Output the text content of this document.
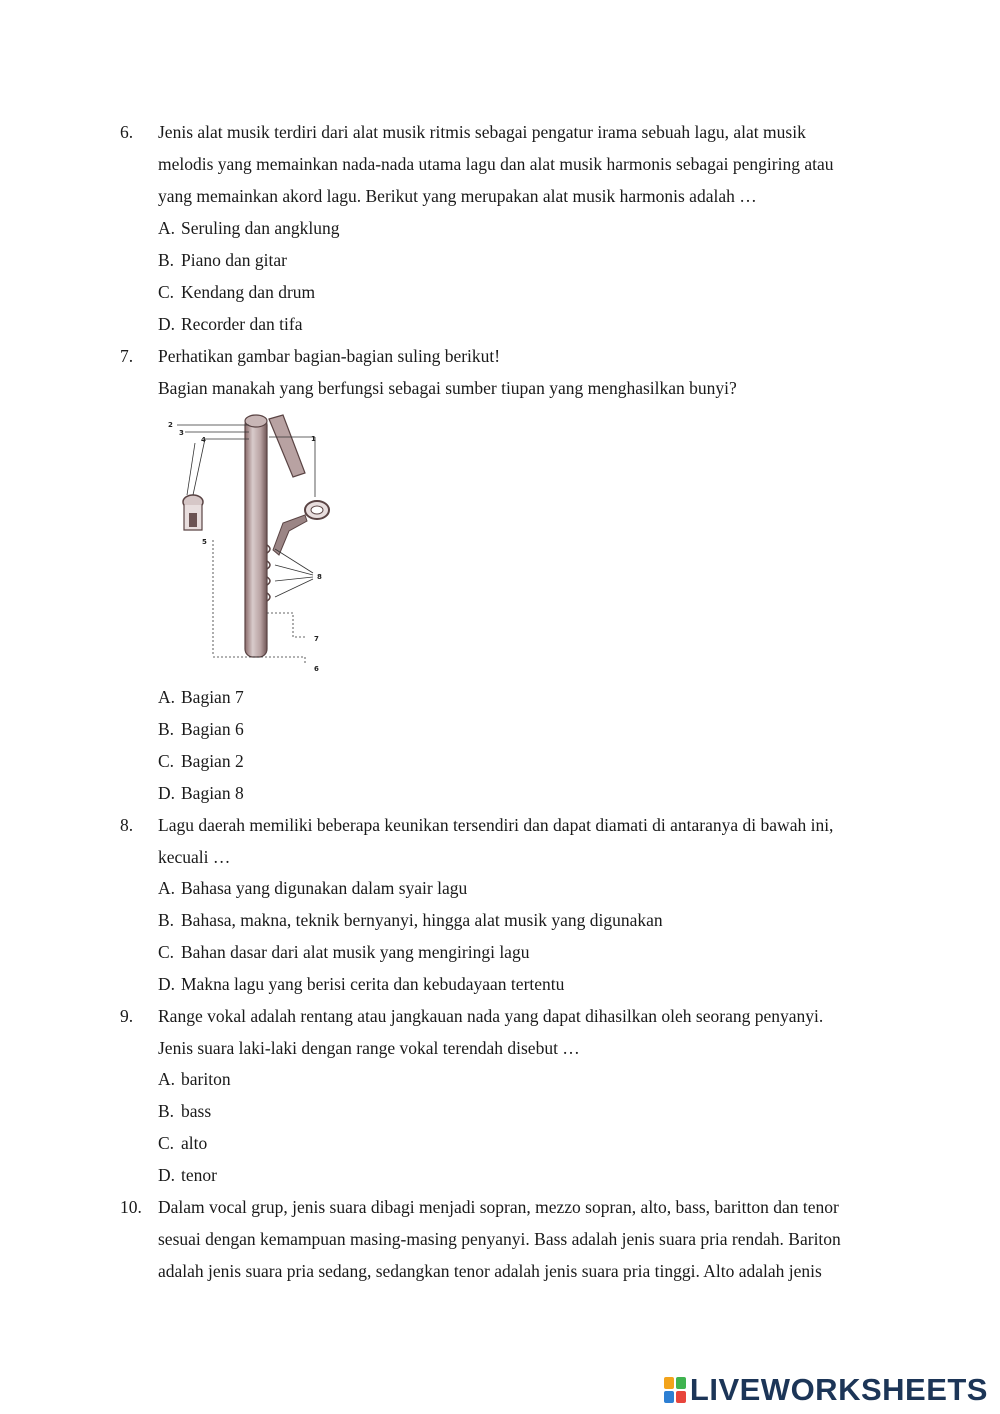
6. Jenis alat musik terdiri dari alat musik ritmis sebagai pengatur irama sebuah lagu, alat musik
melodis yang memainkan nada-nada utama lagu dan alat musik harmonis sebagai pengiring atau
yang memainkan akord lagu. Berikut yang merupakan alat musik harmonis adalah …
A. Seruling dan angklung
B. Piano dan gitar
C. Kendang dan drum
D. Recorder dan tifa
7. Perhatikan gambar bagian-bagian suling berikut!
Bagian manakah yang berfungsi sebagai sumber tiupan yang menghasilkan bunyi?
2
3
4	1
5
8
7
6
A. Bagian 7
B. Bagian 6
C. Bagian 2
D. Bagian 8
8. Lagu daerah memiliki beberapa keunikan tersendiri dan dapat diamati di antaranya di bawah ini,
kecuali …
A. Bahasa yang digunakan dalam syair lagu
B. Bahasa, makna, teknik bernyanyi, hingga alat musik yang digunakan
C. Bahan dasar dari alat musik yang mengiringi lagu
D. Makna lagu yang berisi cerita dan kebudayaan tertentu
9. Range vokal adalah rentang atau jangkauan nada yang dapat dihasilkan oleh seorang penyanyi.
Jenis suara laki-laki dengan range vokal terendah disebut …
A. bariton
B. bass
C. alto
D. tenor
10. Dalam vocal grup, jenis suara dibagi menjadi sopran, mezzo sopran, alto, bass, baritton dan tenor
sesuai dengan kemampuan masing-masing penyanyi. Bass adalah jenis suara pria rendah. Bariton
adalah jenis suara pria sedang, sedangkan tenor adalah jenis suara pria tinggi. Alto adalah jenis
LIVEWORKSHEETS
